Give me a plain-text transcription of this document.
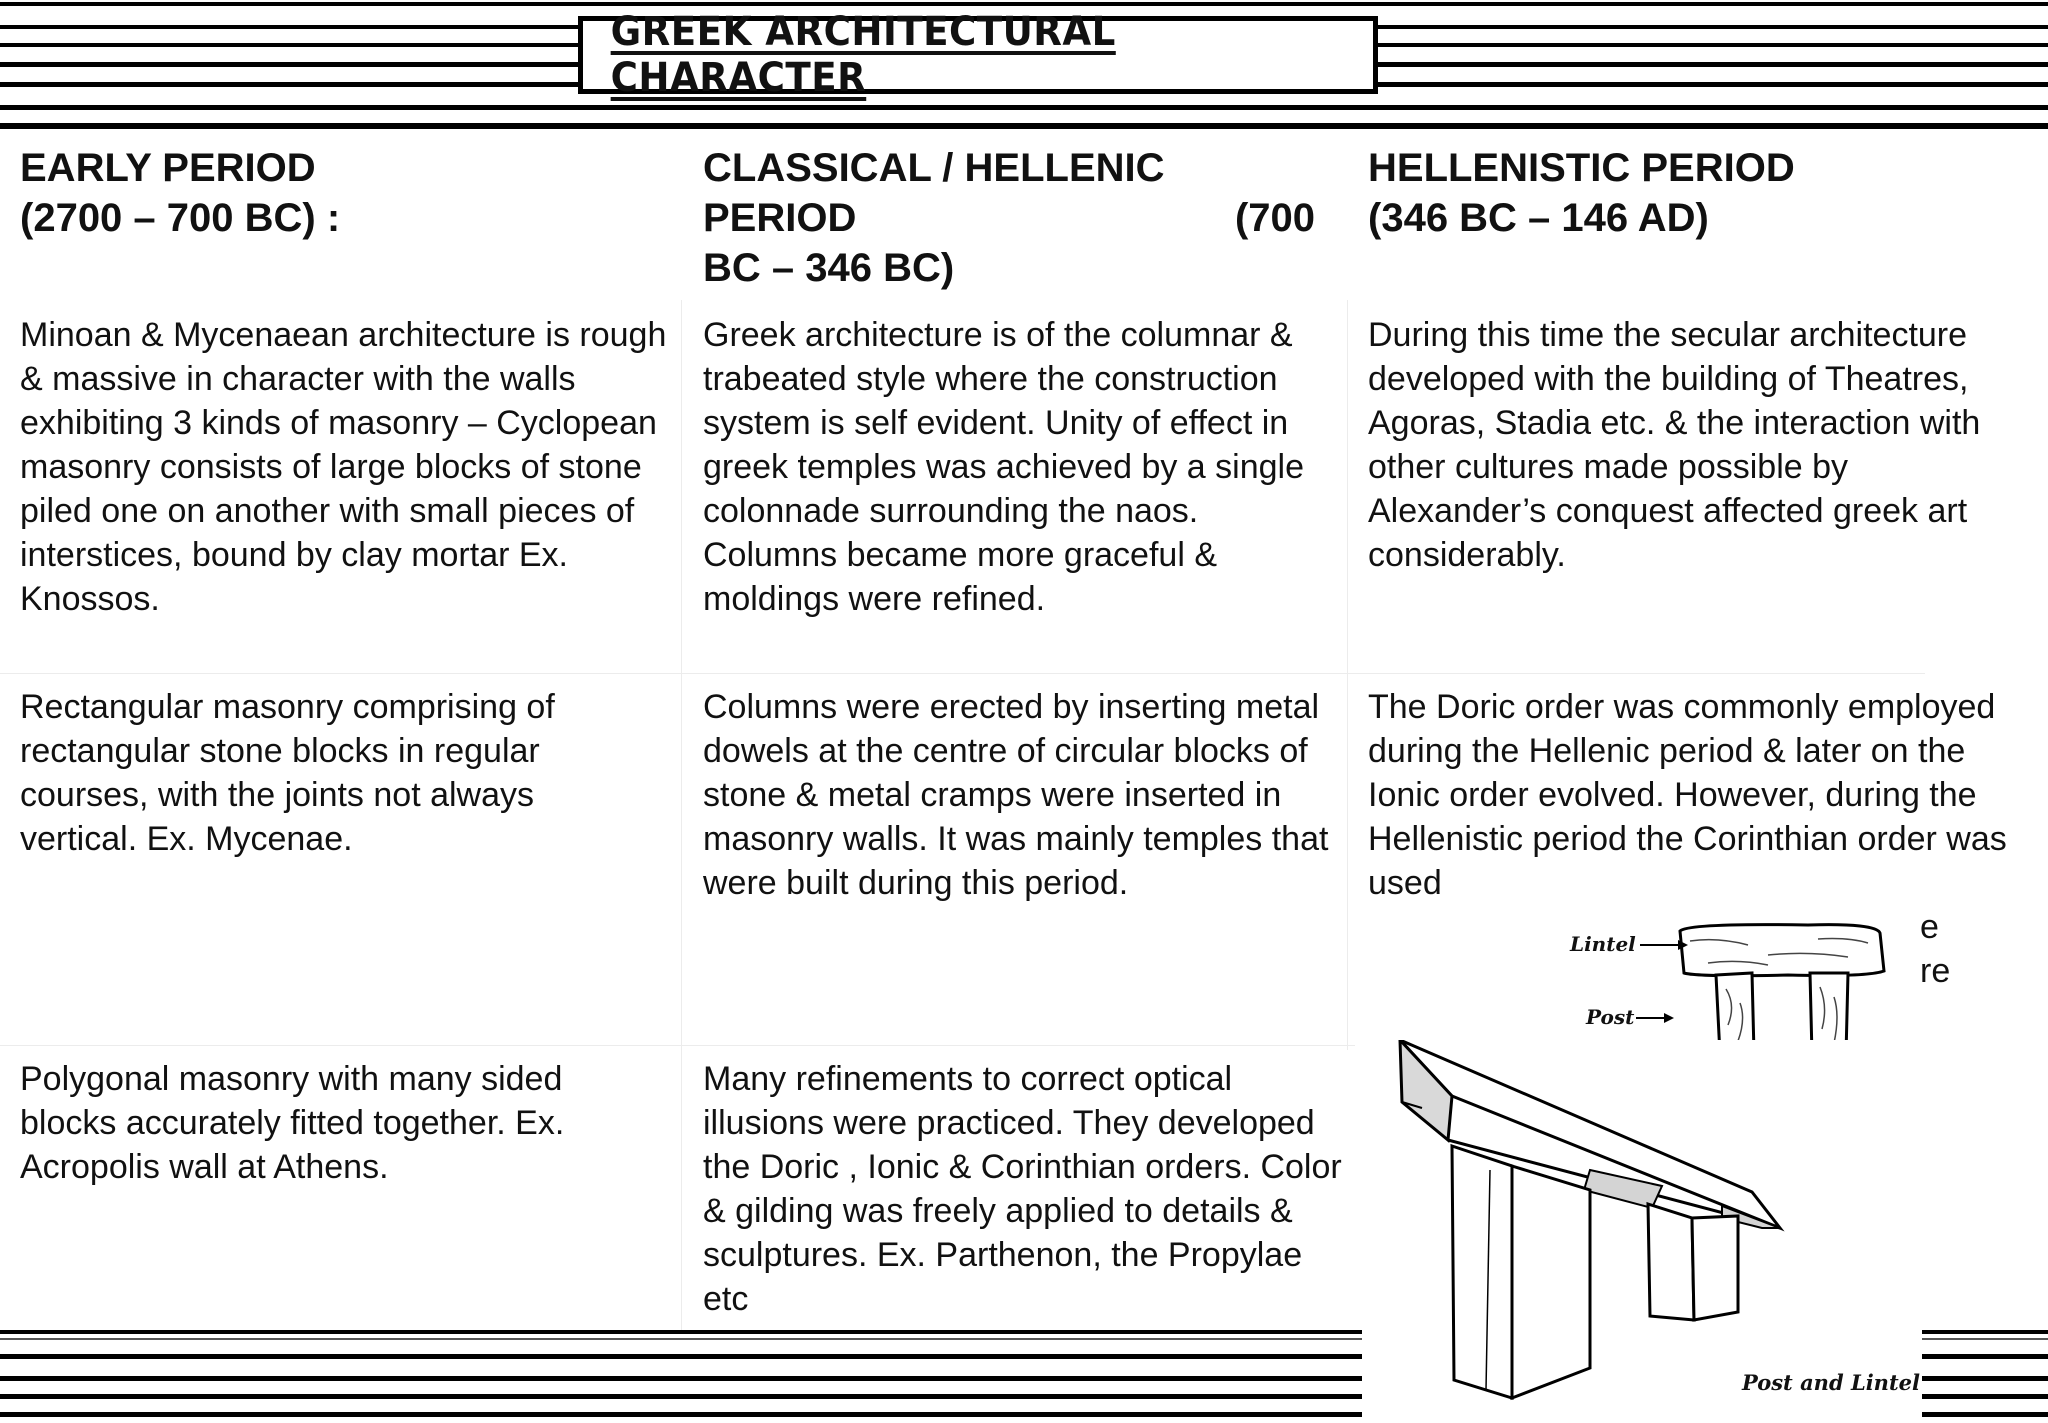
GREEK ARCHITECTURAL CHARACTER
EARLY PERIOD
(2700 – 700 BC) :
Minoan & Mycenaean architecture is rough & massive in character with the walls exhibiting 3 kinds of masonry – Cyclopean masonry consists of large blocks of stone piled one on another with small pieces of interstices, bound by clay mortar Ex. Knossos.
Rectangular masonry comprising of rectangular stone blocks in regular courses, with the joints not always vertical. Ex. Mycenae.
Polygonal masonry with many sided blocks accurately fitted together. Ex. Acropolis wall at Athens.
CLASSICAL / HELLENIC
PERIOD	(700
BC – 346 BC)
Greek architecture is of the columnar & trabeated style where the construction system is self evident. Unity of effect in greek temples was achieved by a single colonnade surrounding the naos. Columns became more graceful & moldings were refined.
Columns were erected by inserting metal dowels at the centre of circular blocks of stone & metal cramps were inserted in masonry walls. It was mainly temples that were built during this period.
Many refinements to correct optical illusions were practiced. They developed the Doric , Ionic & Corinthian orders. Color & gilding was freely applied to details & sculptures. Ex. Parthenon, the Propylae etc
HELLENISTIC PERIOD
(346 BC – 146 AD)
During this time the secular architecture developed with the building of Theatres, Agoras, Stadia etc. & the interaction with other cultures made possible by Alexander’s conquest affected greek art considerably.
The Doric order was commonly employed during the Hellenic period & later on the Ionic order evolved. However, during the Hellenistic period the Corinthian order was used
e
re
Lintel
Post
Post and Lintel
